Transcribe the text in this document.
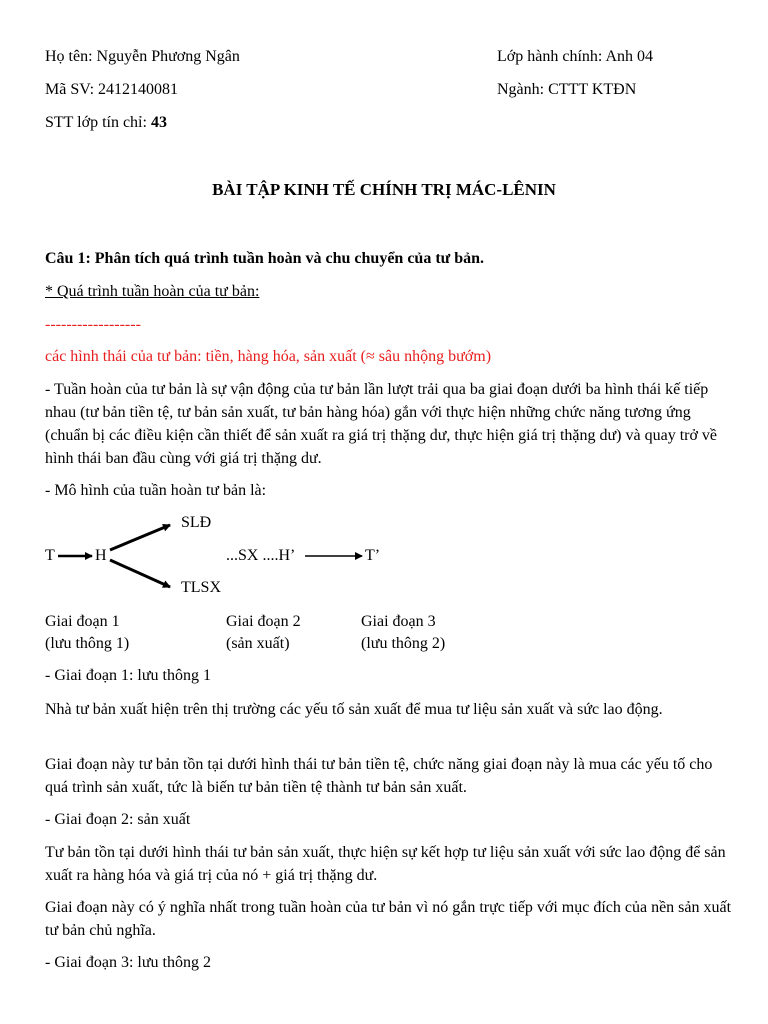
Họ tên: Nguyễn Phương Ngân	Lớp hành chính: Anh 04
Mã SV: 2412140081	Ngành: CTTT KTĐN
STT lớp tín chỉ: 43
BÀI TẬP KINH TẾ CHÍNH TRỊ MÁC-LÊNIN
Câu 1: Phân tích quá trình tuần hoàn và chu chuyển của tư bản.
* Quá trình tuần hoàn của tư bản:
------------------
các hình thái của tư bản: tiền, hàng hóa, sản xuất (≈ sâu nhộng bướm)
- Tuần hoàn của tư bản là sự vận động của tư bản lần lượt trải qua ba giai đoạn dưới ba hình thái kế tiếp nhau (tư bản tiền tệ, tư bản sản xuất, tư bản hàng hóa) gắn với thực hiện những chức năng tương ứng (chuẩn bị các điều kiện cần thiết để sản xuất ra giá trị thặng dư, thực hiện giá trị thặng dư) và quay trở về hình thái ban đầu cùng với giá trị thặng dư.
- Mô hình của tuần hoàn tư bản là:
T	H
SLĐ
TLSX
...SX ....H’	T’
Giai đoạn 1
(lưu thông 1)
Giai đoạn 2
(sản xuất)
Giai đoạn 3
(lưu thông 2)
- Giai đoạn 1: lưu thông 1
Nhà tư bản xuất hiện trên thị trường các yếu tố sản xuất để mua tư liệu sản xuất và sức lao động.
Giai đoạn này tư bản tồn tại dưới hình thái tư bản tiền tệ, chức năng giai đoạn này là mua các yếu tố cho quá trình sản xuất, tức là biến tư bản tiền tệ thành tư bản sản xuất.
- Giai đoạn 2: sản xuất
Tư bản tồn tại dưới hình thái tư bản sản xuất, thực hiện sự kết hợp tư liệu sản xuất với sức lao động để sản xuất ra hàng hóa và giá trị của nó + giá trị thặng dư.
Giai đoạn này có ý nghĩa nhất trong tuần hoàn của tư bản vì nó gắn trực tiếp với mục đích của nền sản xuất tư bản chủ nghĩa.
- Giai đoạn 3: lưu thông 2
